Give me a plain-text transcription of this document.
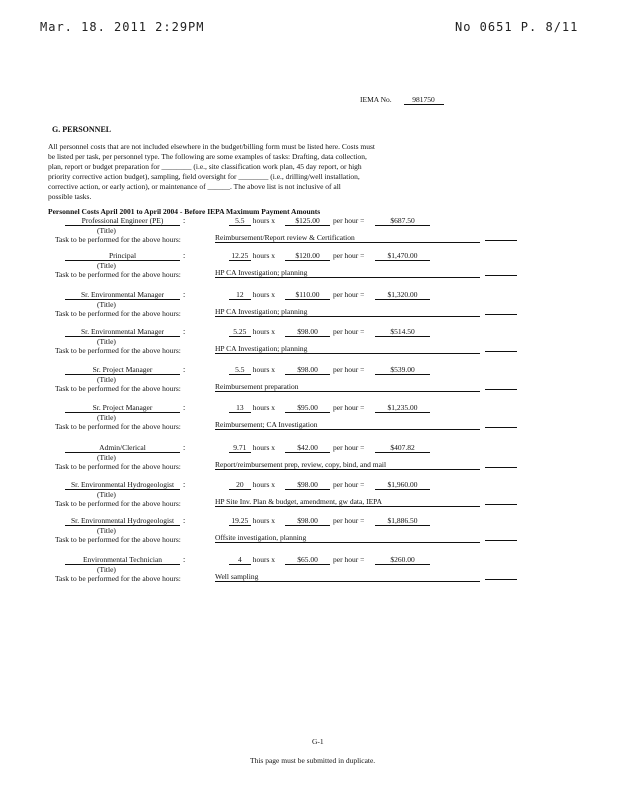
Mar. 18. 2011 2:29PM	No 0651 P. 8/11
IEMA No.	981750
G. PERSONNEL
All personnel costs that are not included elsewhere in the budget/billing form must be listed here. Costs must
be listed per task, per personnel type. The following are some examples of tasks: Drafting, data collection,
plan, report or budget preparation for ________ (i.e., site classification work plan, 45 day report, or high
priority corrective action budget), sampling, field oversight for ________ (i.e., drilling/well installation,
corrective action, or early action), or maintenance of ______. The above list is not inclusive of all
possible tasks.
Personnel Costs April 2001 to April 2004 - Before IEPA Maximum Payment Amounts
Professional Engineer (PE)	:
(Title)
Task to be performed for the above hours:
5.5 hours x	$125.00	per hour =	$687.50
Reimbursement/Report review & Certification
Principal	:
(Title)
Task to be performed for the above hours:
12.25 hours x	$120.00	per hour =	$1,470.00
HP CA Investigation; planning
Sr. Environmental Manager	:
(Title)
Task to be performed for the above hours:
12 hours x	$110.00	per hour =	$1,320.00
HP CA Investigation; planning
Sr. Environmental Manager	:
(Title)
Task to be performed for the above hours:
5.25 hours x	$98.00	per hour =	$514.50
HP CA Investigation; planning
Sr. Project Manager	:
(Title)
Task to be performed for the above hours:
5.5 hours x	$98.00	per hour =	$539.00
Reimbursement preparation
Sr. Project Manager	:
(Title)
Task to be performed for the above hours:
13 hours x	$95.00	per hour =	$1,235.00
Reimbursement; CA Investigation
Admin/Clerical	:
(Title)
Task to be performed for the above hours:
9.71 hours x	$42.00	per hour =	$407.82
Report/reimbursement prep, review, copy, bind, and mail
Sr. Environmental Hydrogeologist	:
(Title)
Task to be performed for the above hours:
20 hours x	$98.00	per hour =	$1,960.00
HP Site Inv. Plan & budget, amendment, gw data, IEPA
Sr. Environmental Hydrogeologist	:
(Title)
Task to be performed for the above hours:
19.25 hours x	$98.00	per hour =	$1,886.50
Offsite investigation, planning
Environmental Technician	:
(Title)
Task to be performed for the above hours:
4 hours x	$65.00	per hour =	$260.00
Well sampling
G-1
This page must be submitted in duplicate.
